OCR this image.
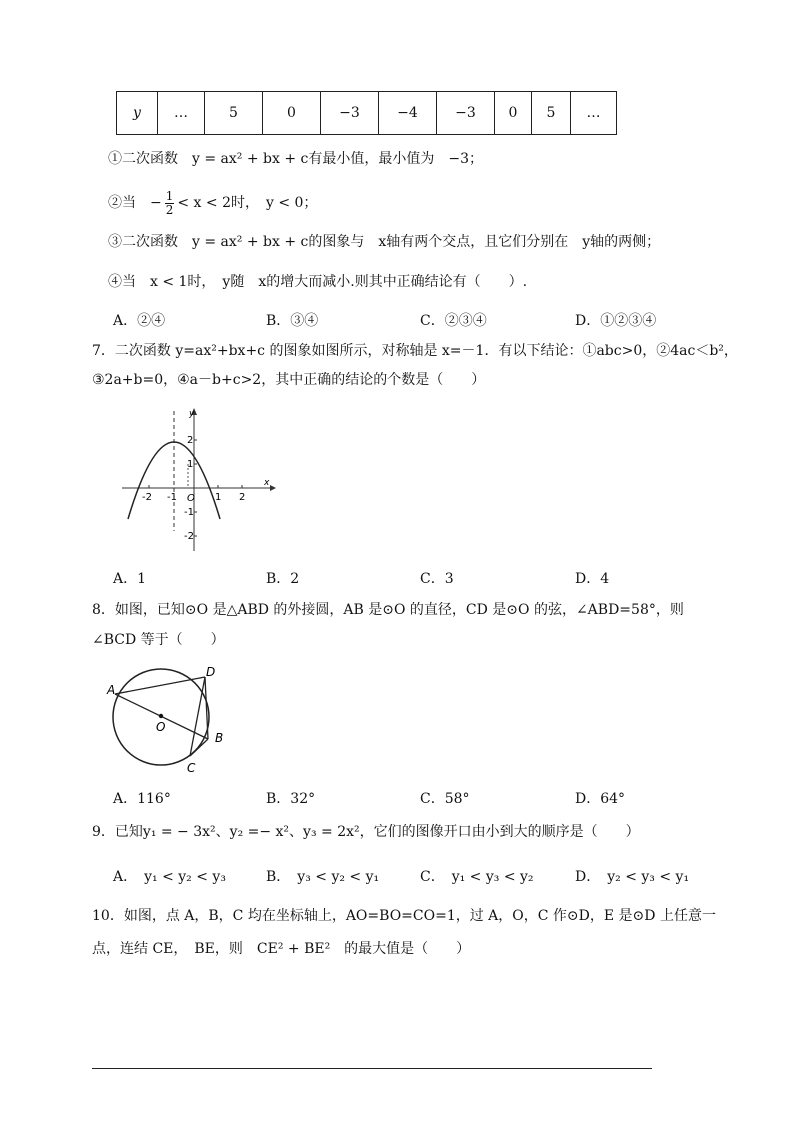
y	…	5	0	−3	−4	−3	0	5	…
①二次函数　y = ax² + bx + c有最小值，最小值为　−3；
②当　− $\frac{1}{2} < x < 2$时，　y < 0；
③二次函数　y = ax² + bx + c的图象与　x轴有两个交点，且它们分别在　y轴的两侧；
④当　x < 1时，　y随　x的增大而减小.则其中正确结论有（　　）.
A．②④	B．③④	C．②③④	D．①②③④
7．二次函数 y=ax²+bx+c 的图象如图所示，对称轴是 x=－1．有以下结论：①abc>0，②4ac＜b²，
③2a+b=0，④a－b+c>2，其中正确的结论的个数是（　　）
y
x
O
-2 -1	1 2
2
1
-1
-2
A．1	B．2	C．3	D．4
8．如图，已知⊙O 是△ABD 的外接圆，AB 是⊙O 的直径，CD 是⊙O 的弦，∠ABD=58°，则
∠BCD 等于（　　）
A
D
B
C
O
A．116°	B．32°	C．58°	D．64°
9．已知y₁ = − 3x²、y₂ =− x²、y₃ = 2x²，它们的图像开口由小到大的顺序是（　　）
A．　y₁ < y₂ < y₃	B．　y₃ < y₂ < y₁	C．　y₁ < y₃ < y₂	D．　y₂ < y₃ < y₁
10．如图，点 A，B，C 均在坐标轴上，AO=BO=CO=1，过 A，O，C 作⊙D，E 是⊙D 上任意一
点，连结 CE，　BE，则　CE² + BE²　的最大值是（　　）
